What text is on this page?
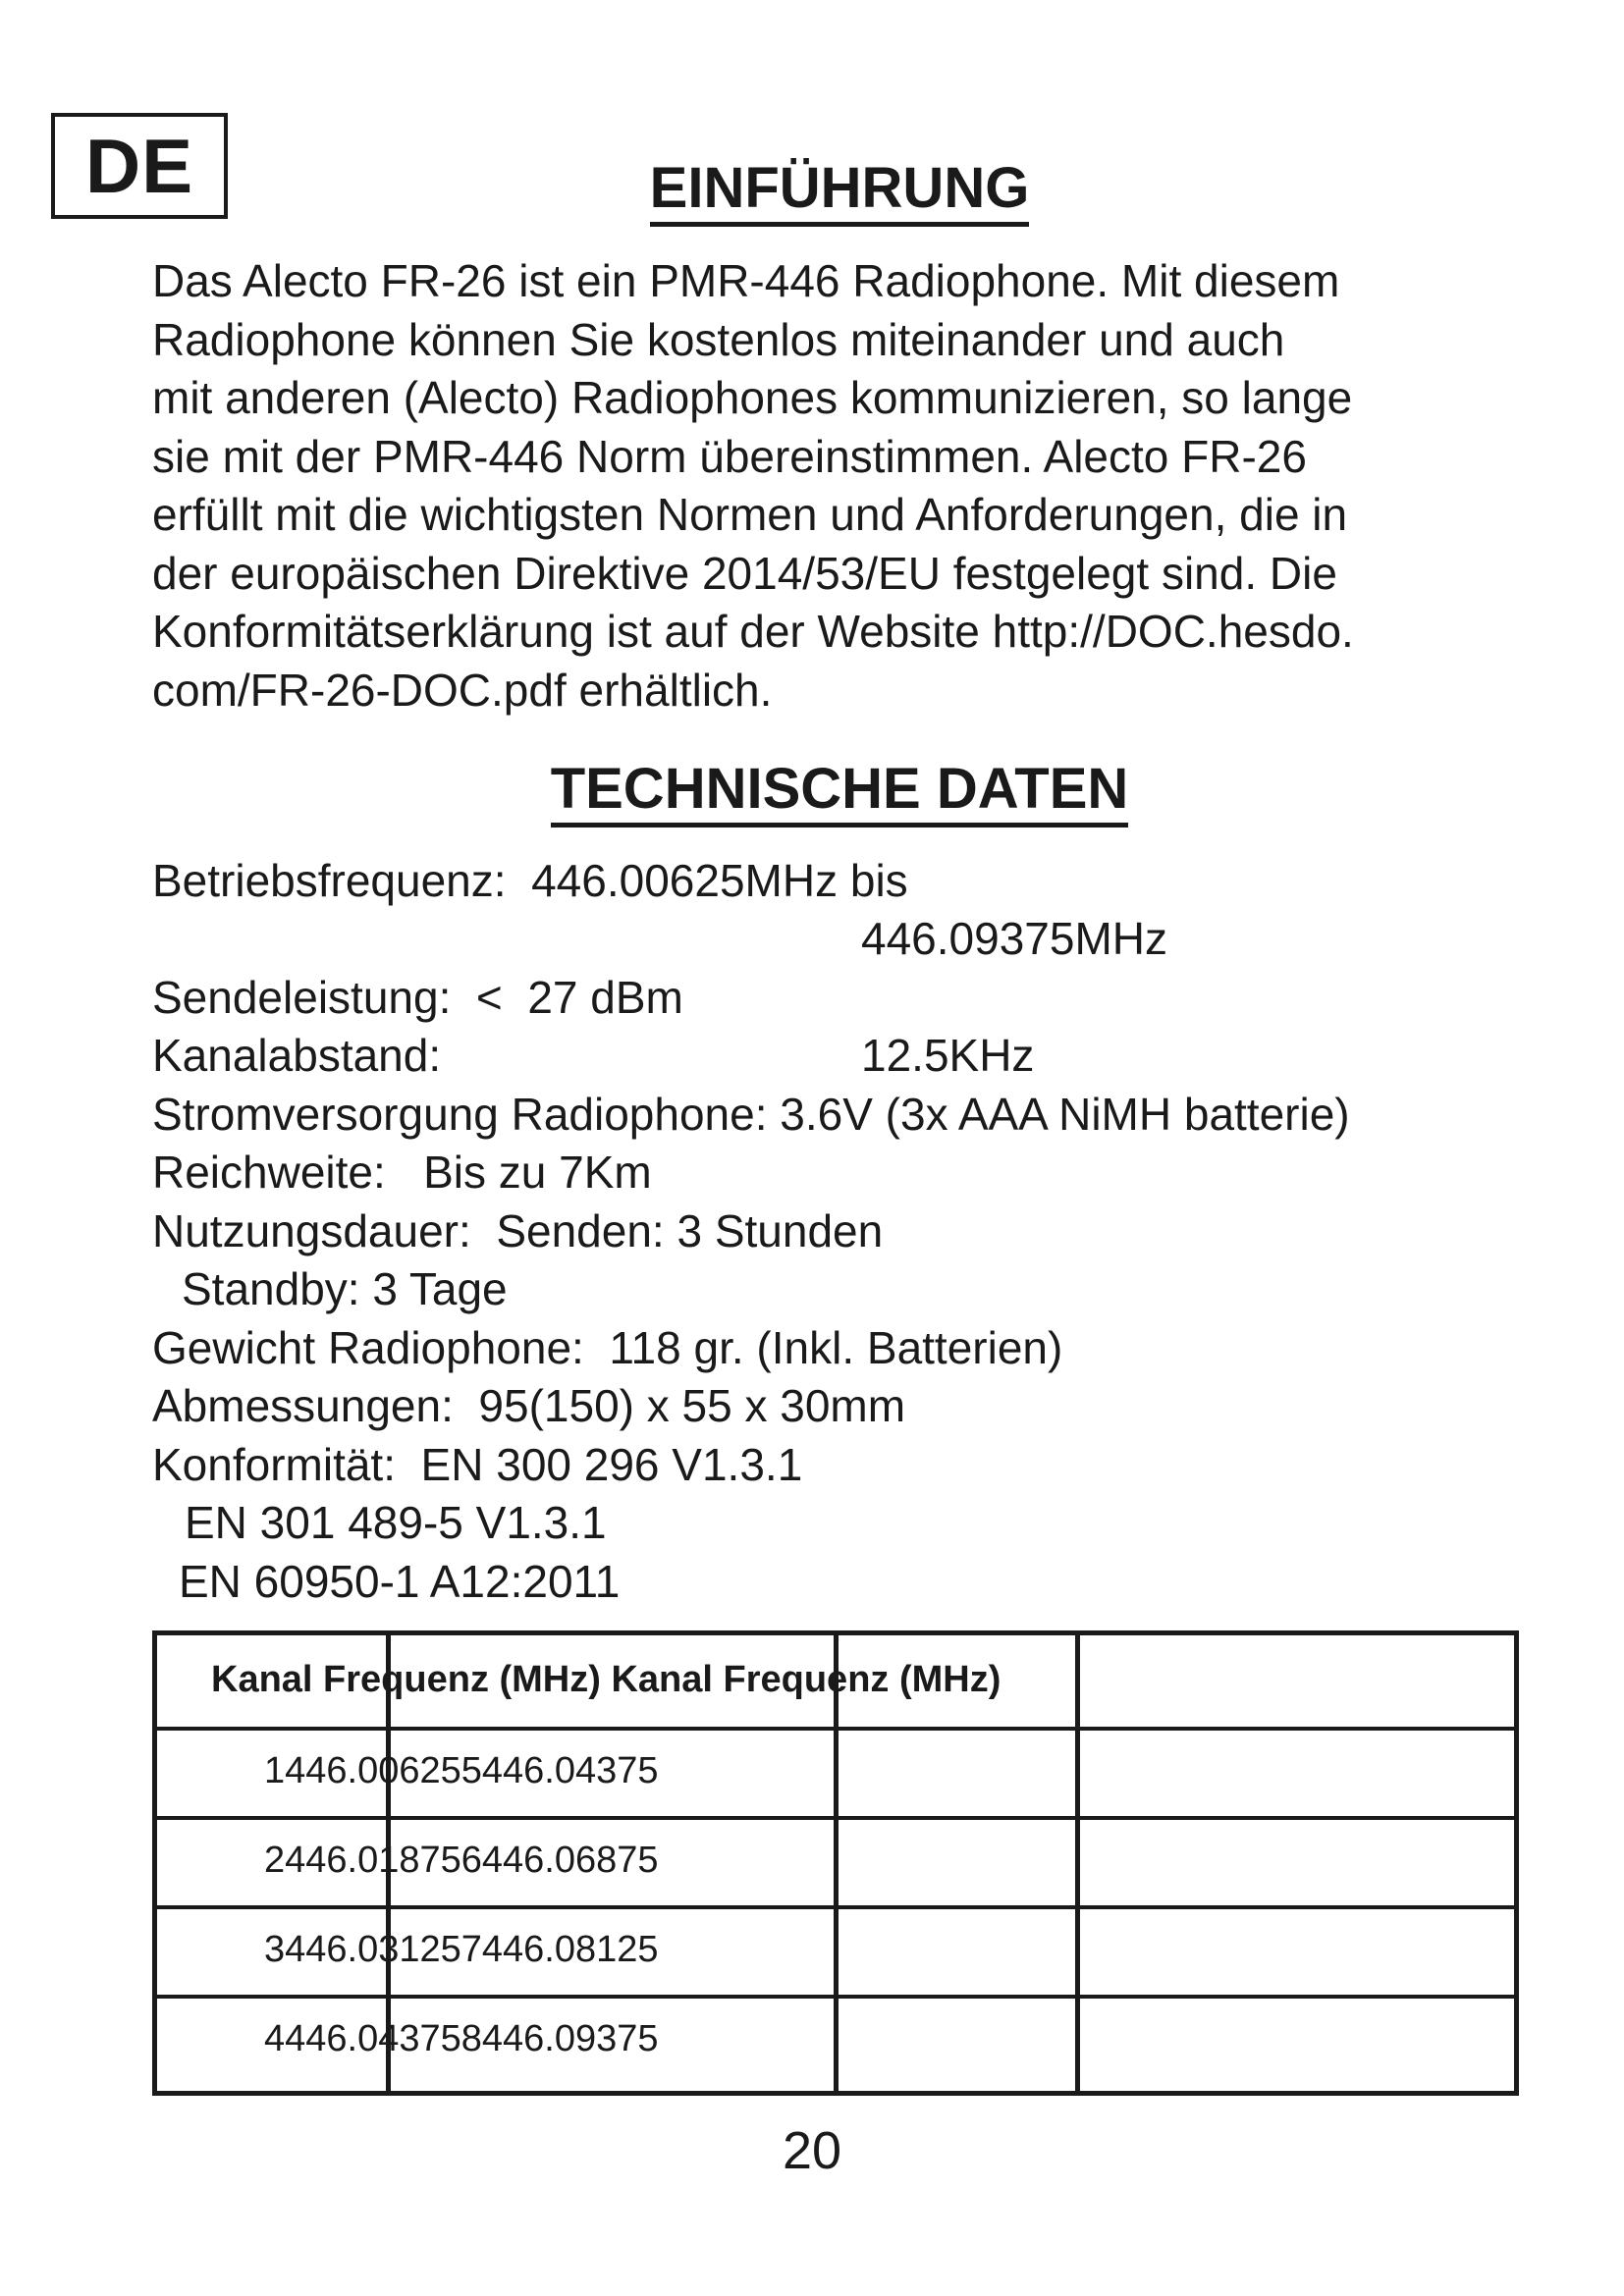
DE	EINFÜHRUNG
Das Alecto FR-26 ist ein PMR-446 Radiophone. Mit diesem
Radiophone können Sie kostenlos miteinander und auch
mit anderen (Alecto) Radiophones kommunizieren, so lange
sie mit der PMR-446 Norm übereinstimmen. Alecto FR-26
erfüllt mit die wichtigsten Normen und Anforderungen, die in
der europäischen Direktive 2014/53/EU festgelegt sind. Die
Konformitätserklärung ist auf der Website http://DOC.hesdo.
com/FR-26-DOC.pdf erhältlich.
TECHNISCHE DATEN
Betriebsfrequenz:  446.00625MHz bis
446.09375MHz
Sendeleistung:  <  27 dBm
Kanalabstand:	12.5KHz
Stromversorgung Radiophone: 3.6V (3x AAA NiMH batterie)
Reichweite:   Bis zu 7Km
Nutzungsdauer:  Senden: 3 Stunden
Standby: 3 Tage
Gewicht Radiophone:  118 gr. (Inkl. Batterien)
Abmessungen:  95(150) x 55 x 30mm
Konformität:  EN 300 296 V1.3.1
EN 301 489-5 V1.3.1
EN 60950-1 A12:2011
Kanal Frequenz (MHz) Kanal Frequenz (MHz)
1446.006255446.04375
2446.018756446.06875
3446.031257446.08125
4446.043758446.09375
20
